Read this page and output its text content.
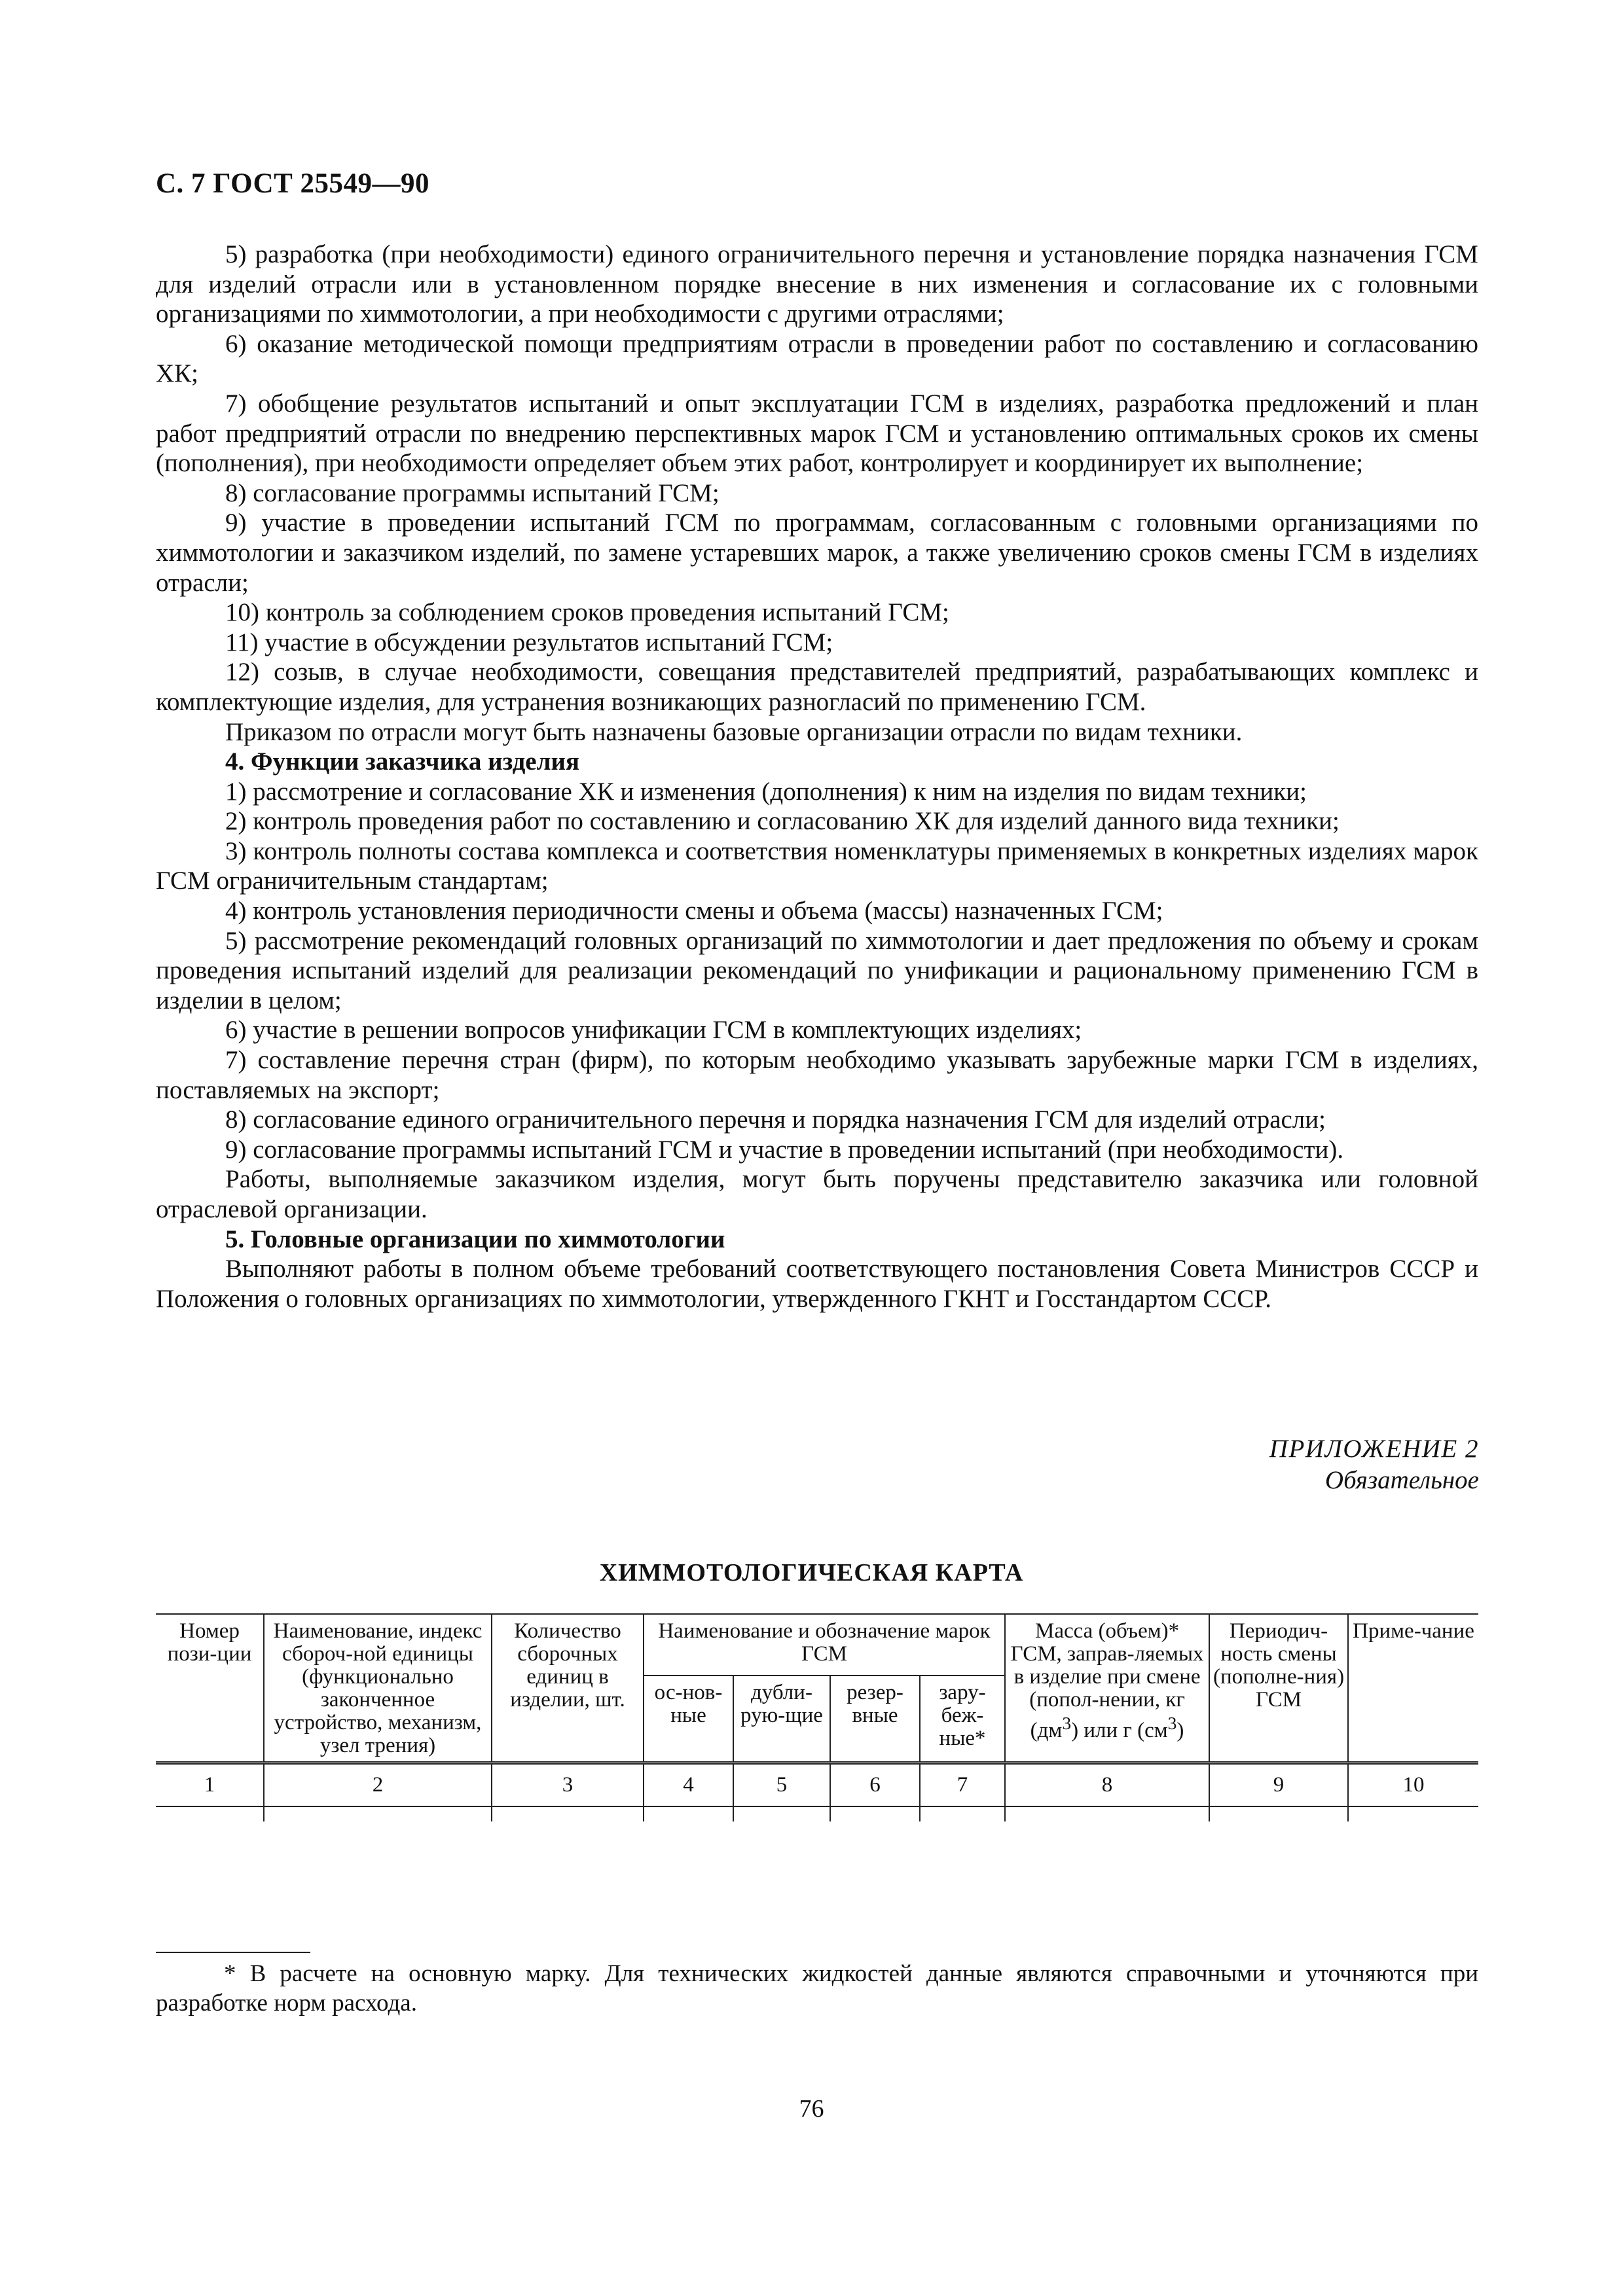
С. 7 ГОСТ 25549—90

5) разработка (при необходимости) единого ограничительного перечня и установление порядка назначения ГСМ для изделий отрасли или в установленном порядке внесение в них изменения и согласование их с головными организациями по химмотологии, а при необходимости с другими отраслями;

6) оказание методической помощи предприятиям отрасли в проведении работ по составлению и согласованию ХК;

7) обобщение результатов испытаний и опыт эксплуатации ГСМ в изделиях, разработка предложений и план работ предприятий отрасли по внедрению перспективных марок ГСМ и установлению оптимальных сроков их смены (пополнения), при необходимости определяет объем этих работ, контролирует и координирует их выполнение;

8) согласование программы испытаний ГСМ;

9) участие в проведении испытаний ГСМ по программам, согласованным с головными организациями по химмотологии и заказчиком изделий, по замене устаревших марок, а также увеличению сроков смены ГСМ в изделиях отрасли;

10) контроль за соблюдением сроков проведения испытаний ГСМ;

11) участие в обсуждении результатов испытаний ГСМ;

12) созыв, в случае необходимости, совещания представителей предприятий, разрабатывающих комплекс и комплектующие изделия, для устранения возникающих разногласий по применению ГСМ.

Приказом по отрасли могут быть назначены базовые организации отрасли по видам техники.

4. Функции заказчика изделия

1) рассмотрение и согласование ХК и изменения (дополнения) к ним на изделия по видам техники;

2) контроль проведения работ по составлению и согласованию ХК для изделий данного вида техники;

3) контроль полноты состава комплекса и соответствия номенклатуры применяемых в конкретных изделиях марок ГСМ ограничительным стандартам;

4) контроль установления периодичности смены и объема (массы) назначенных ГСМ;

5) рассмотрение рекомендаций головных организаций по химмотологии и дает предложения по объему и срокам проведения испытаний изделий для реализации рекомендаций по унификации и рациональному применению ГСМ в изделии в целом;

6) участие в решении вопросов унификации ГСМ в комплектующих изделиях;

7) составление перечня стран (фирм), по которым необходимо указывать зарубежные марки ГСМ в изделиях, поставляемых на экспорт;

8) согласование единого ограничительного перечня и порядка назначения ГСМ для изделий отрасли;

9) согласование программы испытаний ГСМ и участие в проведении испытаний (при необходимости).

Работы, выполняемые заказчиком изделия, могут быть поручены представителю заказчика или головной отраслевой организации.

5. Головные организации по химмотологии

Выполняют работы в полном объеме требований соответствующего постановления Совета Министров СССР и Положения о головных организациях по химмотологии, утвержденного ГКНТ и Госстандартом СССР.

ПРИЛОЖЕНИЕ 2
Обязательное
ХИММОТОЛОГИЧЕСКАЯ КАРТА
Номер пози-ции	Наименование, индекс сбороч-ной единицы (функционально законченное устройство, механизм, узел трения)	Количество сборочных единиц в изделии, шт.	Наименование и обозначение марок ГСМ				Масса (объем)* ГСМ, заправ-ляемых в изделие при смене (попол-нении, кг $(дм^3)$ или г $(см^3)$	Периодич-ность смены (пополне-ния) ГСМ	Приме-чание
			ос-нов-ные	дубли-рую-щие	резер-вные	зару-беж-ные*			
1	2	3	4	5	6	7	8	9	10

* В расчете на основную марку. Для технических жидкостей данные являются справочными и уточняются при разработке норм расхода.
76
